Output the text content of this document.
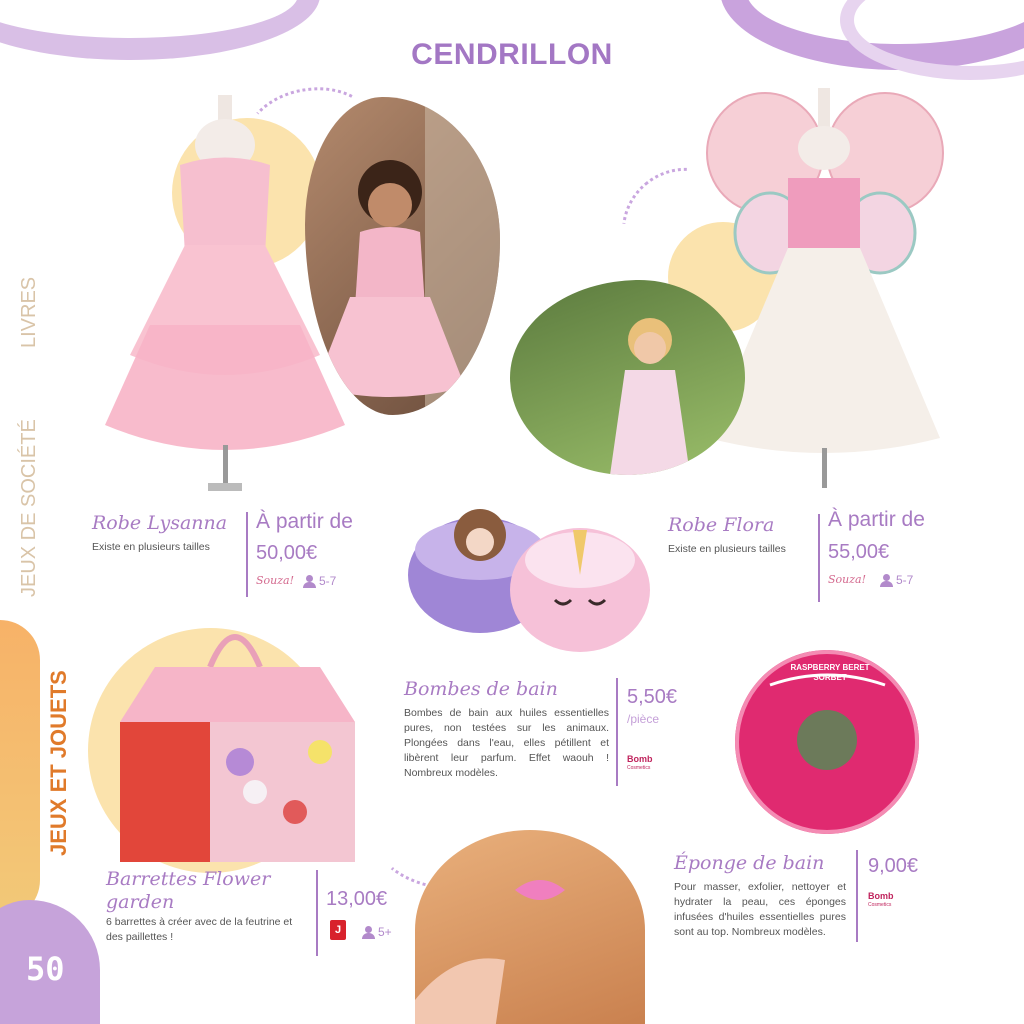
CENDRILLON
LIVRES
JEUX DE SOCIÉTÉ
JEUX ET JOUETS
50
Robe Lysanna
Existe en plusieurs tailles
À partir de
50,00€
Souza! 5-7
Robe Flora
Existe en plusieurs tailles
À partir de
55,00€
Souza! 5-7
Bombes de bain
Bombes de bain aux huiles essentielles pures, non testées sur les animaux. Plongées dans l'eau, elles pétillent et libèrent leur parfum. Effet waouh ! Nombreux modèles.
5,50€
/pièce
Bomb
Cosmetics
Barrettes Flower garden
6 barrettes à créer avec de la feutrine et des paillettes !
13,00€
J	5+
RASPBERRY BERET SORBET
Éponge de bain
Pour masser, exfolier, nettoyer et hydrater la peau, ces éponges infusées d'huiles essentielles pures sont au top. Nombreux modèles.
9,00€
Bomb
Cosmetics
